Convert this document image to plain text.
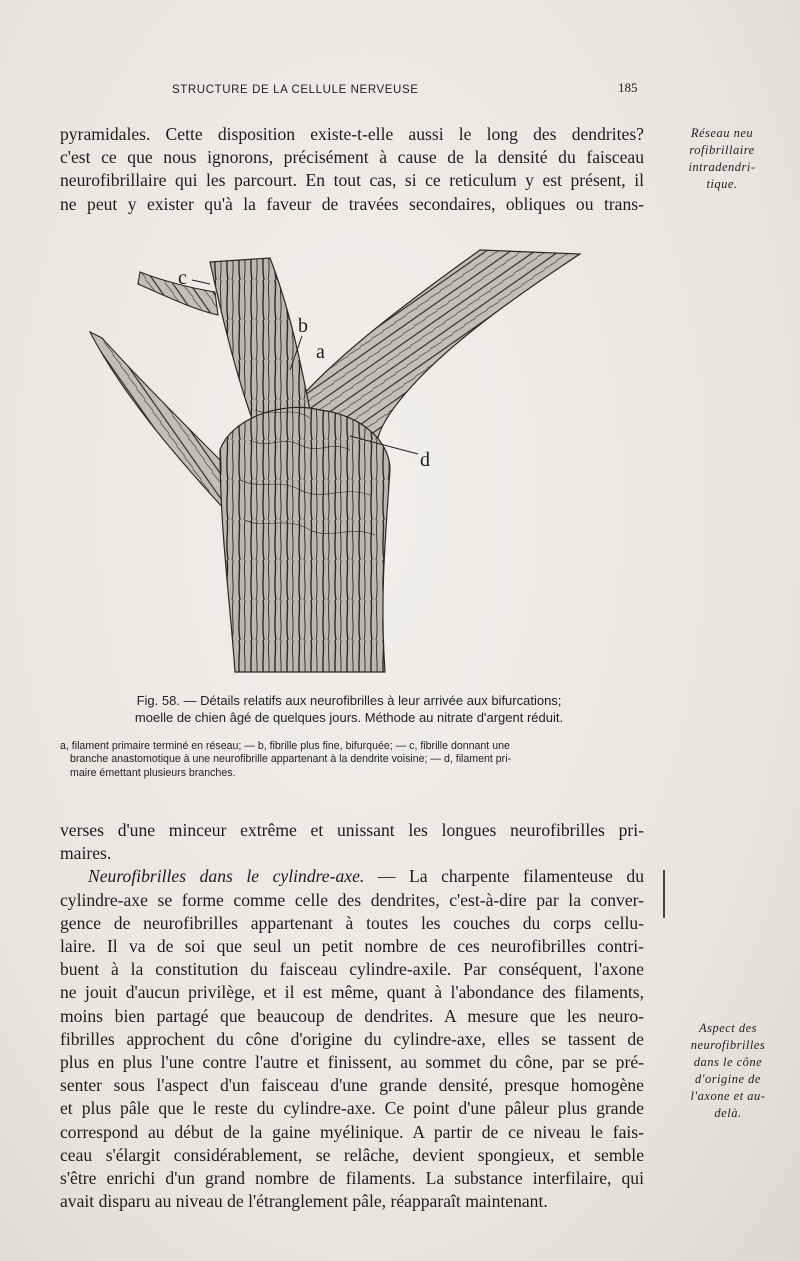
STRUCTURE DE LA CELLULE NERVEUSE	185

pyramidales. Cette disposition existe-t-elle aussi le long des dendrites?
c'est ce que nous ignorons, précisément à cause de la densité du faisceau
neurofibrillaire qui les parcourt. En tout cas, si ce reticulum y est présent, il
ne peut y exister qu'à la faveur de travées secondaires, obliques ou trans-

Réseau neu
rofibrillaire
intradendri-
tique.
c
b
a
d
Fig. 58. — Détails relatifs aux neurofibrilles à leur arrivée aux bifurcations;
moelle de chien âgé de quelques jours. Méthode au nitrate d'argent réduit.

a, filament primaire terminé en réseau; — b, fibrille plus fine, bifurquée; — c, fibrille donnant une
branche anastomotique à une neurofibrille appartenant à la dendrite voisine; — d, filament pri-
maire émettant plusieurs branches.

verses d'une minceur extrême et unissant les longues neurofibrilles pri-
maires.
Neurofibrilles dans le cylindre-axe. — La charpente filamenteuse du
cylindre-axe se forme comme celle des dendrites, c'est-à-dire par la conver-
gence de neurofibrilles appartenant à toutes les couches du corps cellu-
laire. Il va de soi que seul un petit nombre de ces neurofibrilles contri-
buent à la constitution du faisceau cylindre-axile. Par conséquent, l'axone
ne jouit d'aucun privilège, et il est même, quant à l'abondance des filaments,
moins bien partagé que beaucoup de dendrites. A mesure que les neuro-
fibrilles approchent du cône d'origine du cylindre-axe, elles se tassent de
plus en plus l'une contre l'autre et finissent, au sommet du cône, par se pré-
senter sous l'aspect d'un faisceau d'une grande densité, presque homogène
et plus pâle que le reste du cylindre-axe. Ce point d'une pâleur plus grande
correspond au début de la gaine myélinique. A partir de ce niveau le fais-
ceau s'élargit considérablement, se relâche, devient spongieux, et semble
s'être enrichi d'un grand nombre de filaments. La substance interfilaire, qui
avait disparu au niveau de l'étranglement pâle, réapparaît maintenant.

Aspect des
neurofibrilles
dans le cône
d'origine de
l'axone et au-
delà.
